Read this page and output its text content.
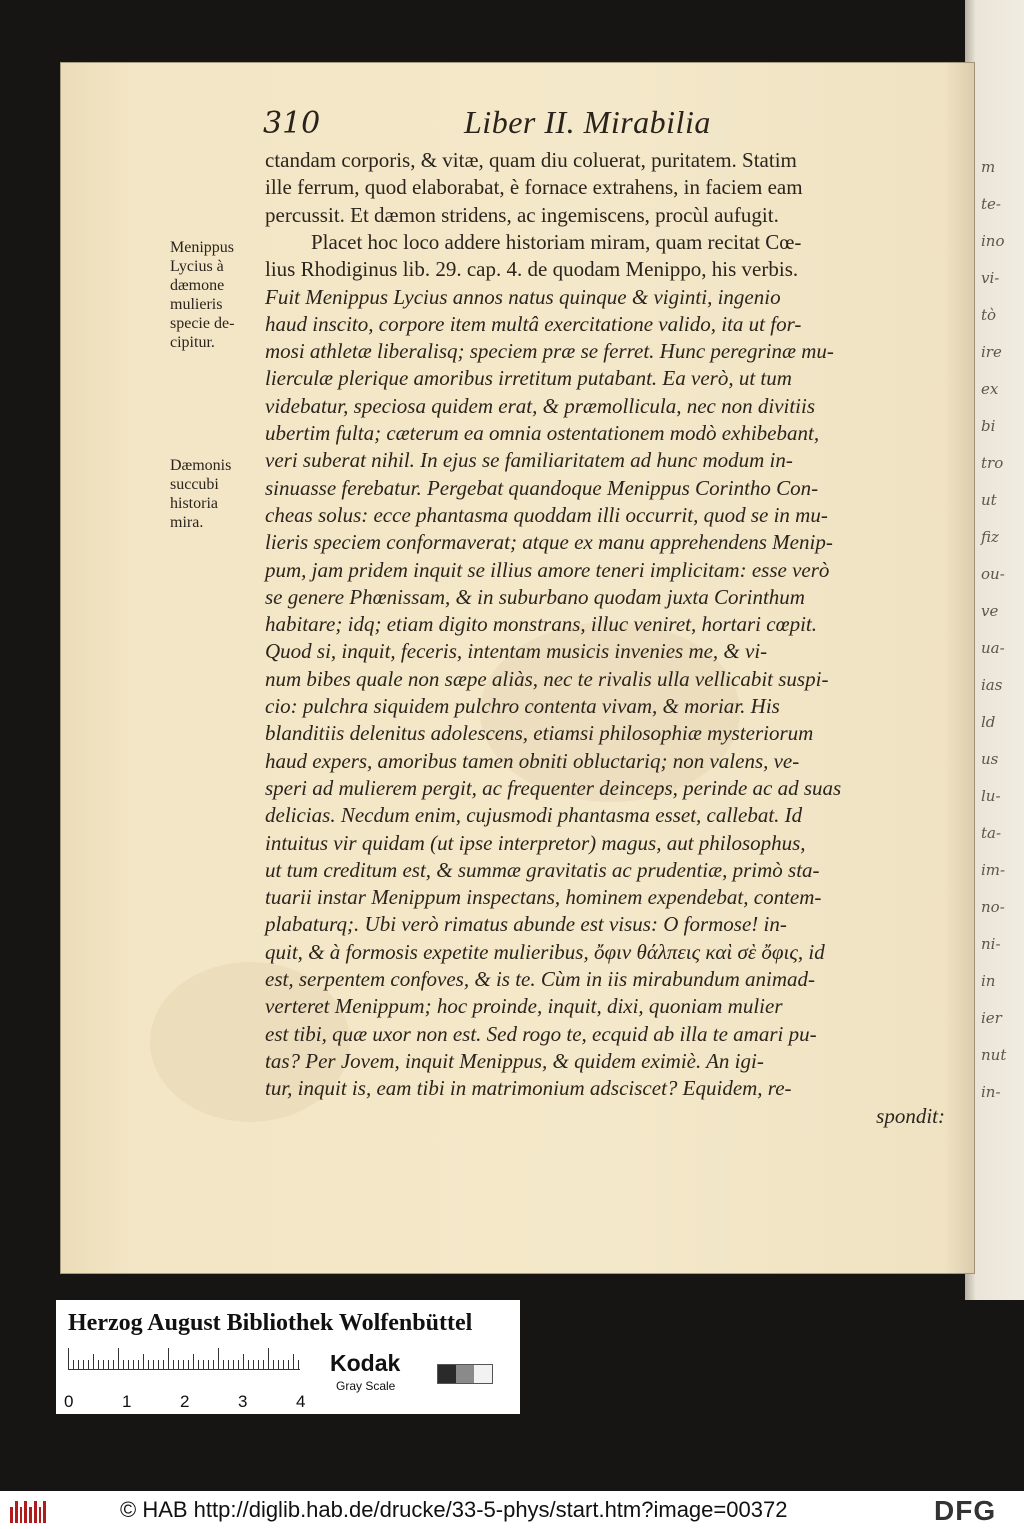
m
te-
ino
vi-
tò
ire
ex
bi
tro
ut
fiz
ou-
ve
ua-
ias
ld
us
lu-
ta-
im-
no-
ni-
in
ier
nut
in-
310	Liber II. Mirabilia
ctandam corporis, & vitæ, quam diu coluerat, puritatem. Statim
ille ferrum, quod elaborabat, è fornace extrahens, in faciem eam
percussit. Et dæmon stridens, ac ingemiscens, procùl aufugit.
Placet hoc loco addere historiam miram, quam recitat Cœ-
lius Rhodiginus lib. 29. cap. 4. de quodam Menippo, his verbis.
Fuit Menippus Lycius annos natus quinque & viginti, ingenio
haud inscito, corpore item multâ exercitatione valido, ita ut for-
mosi athletæ liberalisq; speciem præ se ferret. Hunc peregrinæ mu-
lierculæ plerique amoribus irretitum putabant. Ea verò, ut tum
videbatur, speciosa quidem erat, & præmollicula, nec non divitiis
ubertim fulta; cæterum ea omnia ostentationem modò exhibebant,
veri suberat nihil. In ejus se familiaritatem ad hunc modum in-
sinuasse ferebatur. Pergebat quandoque Menippus Corintho Con-
cheas solus: ecce phantasma quoddam illi occurrit, quod se in mu-
lieris speciem conformaverat; atque ex manu apprehendens Menip-
pum, jam pridem inquit se illius amore teneri implicitam: esse verò
se genere Phœnissam, & in suburbano quodam juxta Corinthum
habitare; idq; etiam digito monstrans, illuc veniret, hortari cœpit.
Quod si, inquit, feceris, intentam musicis invenies me, & vi-
num bibes quale non sæpe aliàs, nec te rivalis ulla vellicabit suspi-
cio: pulchra siquidem pulchro contenta vivam, & moriar. His
blanditiis delenitus adolescens, etiamsi philosophiæ mysteriorum
haud expers, amoribus tamen obniti obluctariq; non valens, ve-
speri ad mulierem pergit, ac frequenter deinceps, perinde ac ad suas
delicias. Necdum enim, cujusmodi phantasma esset, callebat. Id
intuitus vir quidam (ut ipse interpretor) magus, aut philosophus,
ut tum creditum est, & summæ gravitatis ac prudentiæ, primò sta-
tuarii instar Menippum inspectans, hominem expendebat, contem-
plabaturq;. Ubi verò rimatus abunde est visus: O formose! in-
quit, & à formosis expetite mulieribus, ὄφιν θάλπεις καὶ σὲ ὄφις, id
est, serpentem confoves, & is te. Cùm in iis mirabundum animad-
verteret Menippum; hoc proinde, inquit, dixi, quoniam mulier
est tibi, quæ uxor non est. Sed rogo te, ecquid ab illa te amari pu-
tas? Per Jovem, inquit Menippus, & quidem eximiè. An igi-
tur, inquit is, eam tibi in matrimonium adsciscet? Equidem, re-
spondit:
Menippus
Lycius à
dæmone
mulieris
specie de-
cipitur.
Dæmonis
succubi
historia
mira.
Herzog August Bibliothek Wolfenbüttel
0	1	2	3	4
Kodak
Gray Scale
© HAB http://diglib.hab.de/drucke/33-5-phys/start.htm?image=00372	DFG
